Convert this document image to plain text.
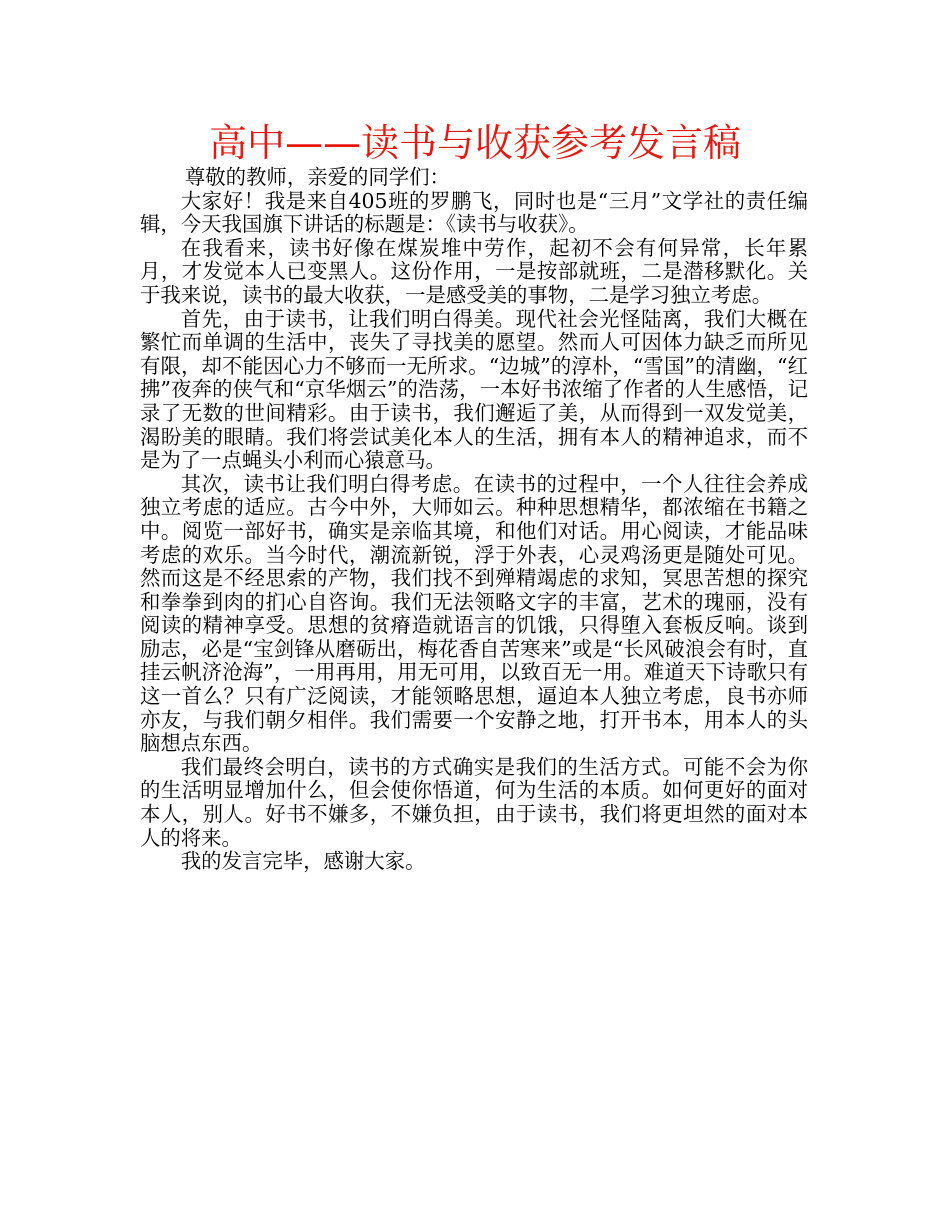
高中——读书与收获参考发言稿

尊敬的教师，亲爱的同学们：

大家好！我是来自405班的罗鹏飞，同时也是“三月”文学社的责任编辑，今天我国旗下讲话的标题是：《读书与收获》。

在我看来，读书好像在煤炭堆中劳作，起初不会有何异常，长年累月，才发觉本人已变黑人。这份作用，一是按部就班，二是潜移默化。关于我来说，读书的最大收获，一是感受美的事物，二是学习独立考虑。

首先，由于读书，让我们明白得美。现代社会光怪陆离，我们大概在繁忙而单调的生活中，丧失了寻找美的愿望。然而人可因体力缺乏而所见有限，却不能因心力不够而一无所求。“边城”的淳朴，“雪国”的清幽，“红拂”夜奔的侠气和“京华烟云”的浩荡，一本好书浓缩了作者的人生感悟，记录了无数的世间精彩。由于读书，我们邂逅了美，从而得到一双发觉美，渴盼美的眼睛。我们将尝试美化本人的生活，拥有本人的精神追求，而不是为了一点蝇头小利而心猿意马。

其次，读书让我们明白得考虑。在读书的过程中，一个人往往会养成独立考虑的适应。古今中外，大师如云。种种思想精华，都浓缩在书籍之中。阅览一部好书，确实是亲临其境，和他们对话。用心阅读，才能品味考虑的欢乐。当今时代，潮流新锐，浮于外表，心灵鸡汤更是随处可见。然而这是不经思索的产物，我们找不到殚精竭虑的求知，冥思苦想的探究和拳拳到肉的扪心自咨询。我们无法领略文字的丰富，艺术的瑰丽，没有阅读的精神享受。思想的贫瘠造就语言的饥饿，只得堕入套板反响。谈到励志，必是“宝剑锋从磨砺出，梅花香自苦寒来”或是“长风破浪会有时，直挂云帆济沧海”，一用再用，用无可用，以致百无一用。难道天下诗歌只有这一首么？只有广泛阅读，才能领略思想，逼迫本人独立考虑，良书亦师亦友，与我们朝夕相伴。我们需要一个安静之地，打开书本，用本人的头脑想点东西。

我们最终会明白，读书的方式确实是我们的生活方式。可能不会为你的生活明显增加什么，但会使你悟道，何为生活的本质。如何更好的面对本人，别人。好书不嫌多，不嫌负担，由于读书，我们将更坦然的面对本人的将来。

我的发言完毕，感谢大家。
